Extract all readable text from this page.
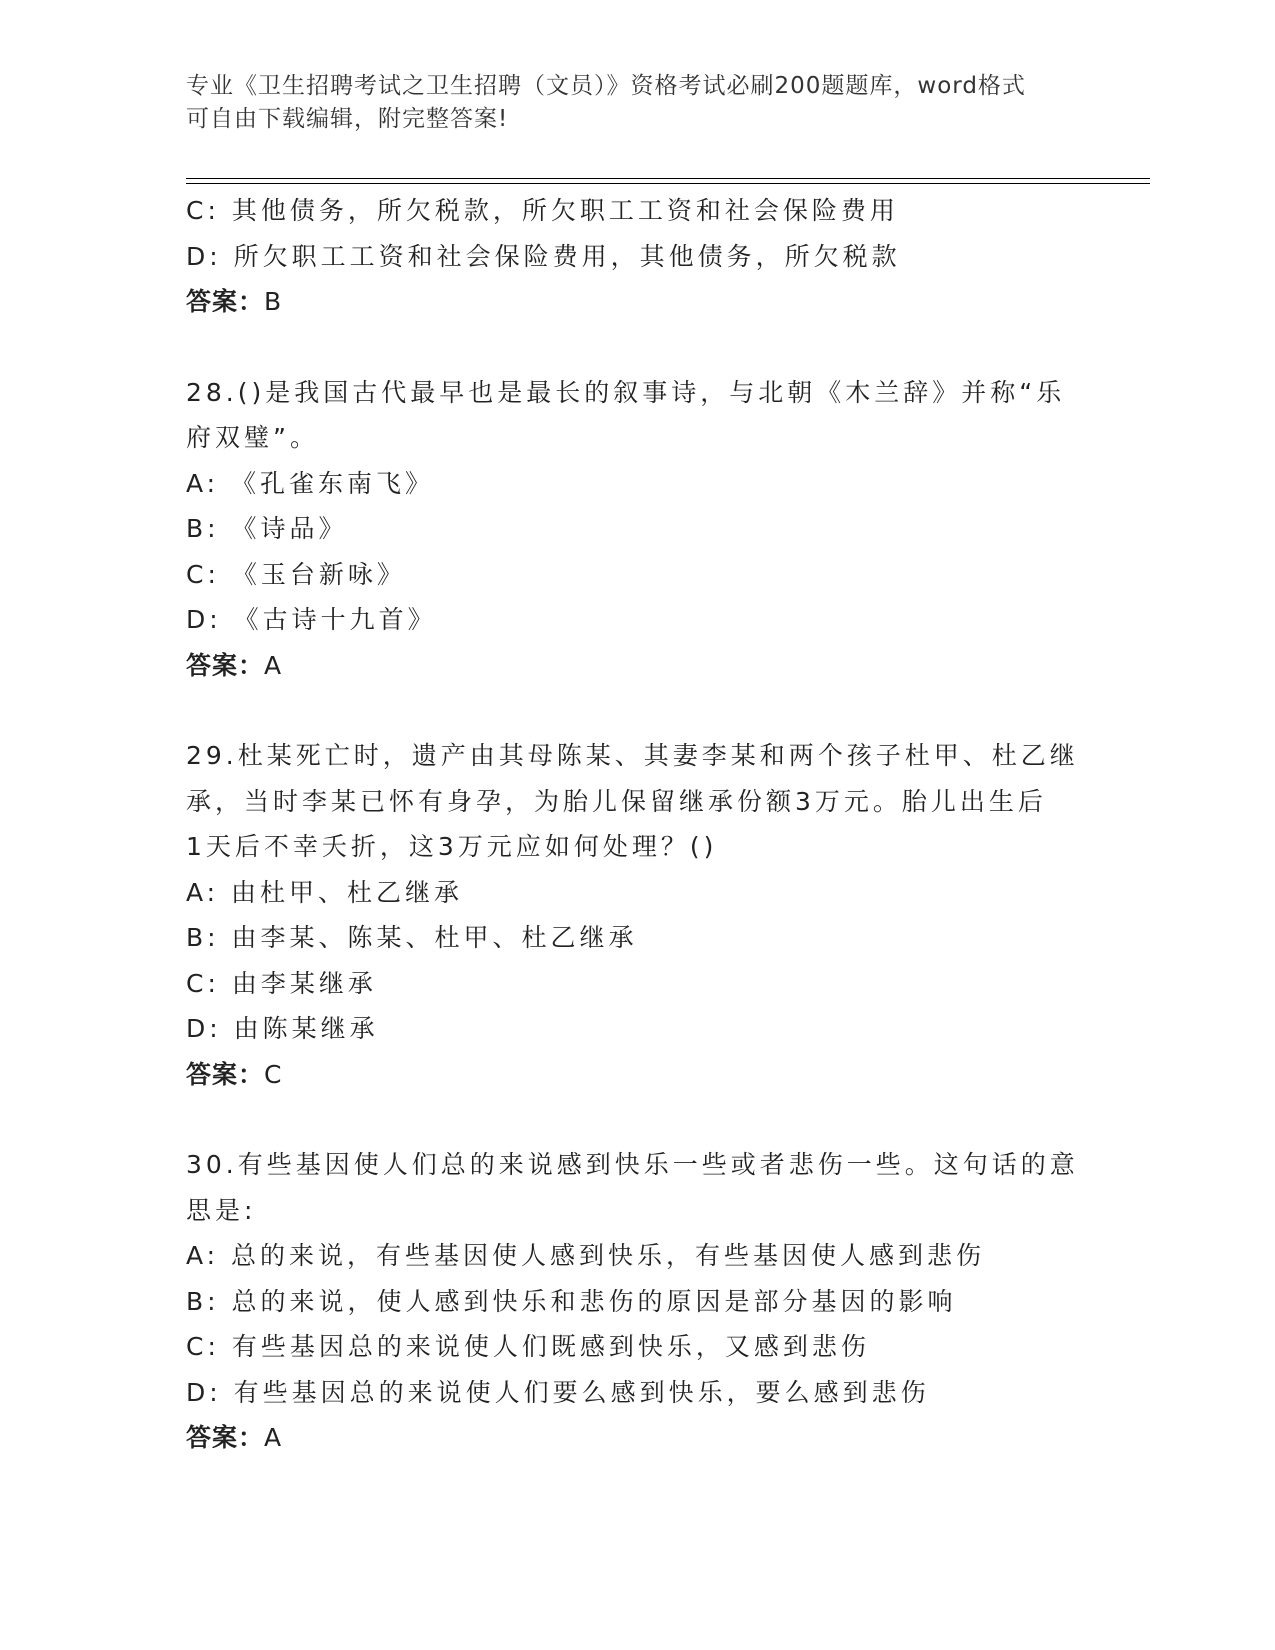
专业《卫生招聘考试之卫生招聘（文员）》资格考试必刷200题题库，word格式
可自由下载编辑，附完整答案!
C: 其他债务，所欠税款，所欠职工工资和社会保险费用
D: 所欠职工工资和社会保险费用，其他债务，所欠税款
答案：B
28.()是我国古代最早也是最长的叙事诗，与北朝《木兰辞》并称“乐
府双璧”。
A: 《孔雀东南飞》
B: 《诗品》
C: 《玉台新咏》
D: 《古诗十九首》
答案：A
29.杜某死亡时，遗产由其母陈某、其妻李某和两个孩子杜甲、杜乙继
承，当时李某已怀有身孕，为胎儿保留继承份额3万元。胎儿出生后
1天后不幸夭折，这3万元应如何处理？()
A: 由杜甲、杜乙继承
B: 由李某、陈某、杜甲、杜乙继承
C: 由李某继承
D: 由陈某继承
答案：C
30.有些基因使人们总的来说感到快乐一些或者悲伤一些。这句话的意
思是:
A: 总的来说，有些基因使人感到快乐，有些基因使人感到悲伤
B: 总的来说，使人感到快乐和悲伤的原因是部分基因的影响
C: 有些基因总的来说使人们既感到快乐，又感到悲伤
D: 有些基因总的来说使人们要么感到快乐，要么感到悲伤
答案：A
